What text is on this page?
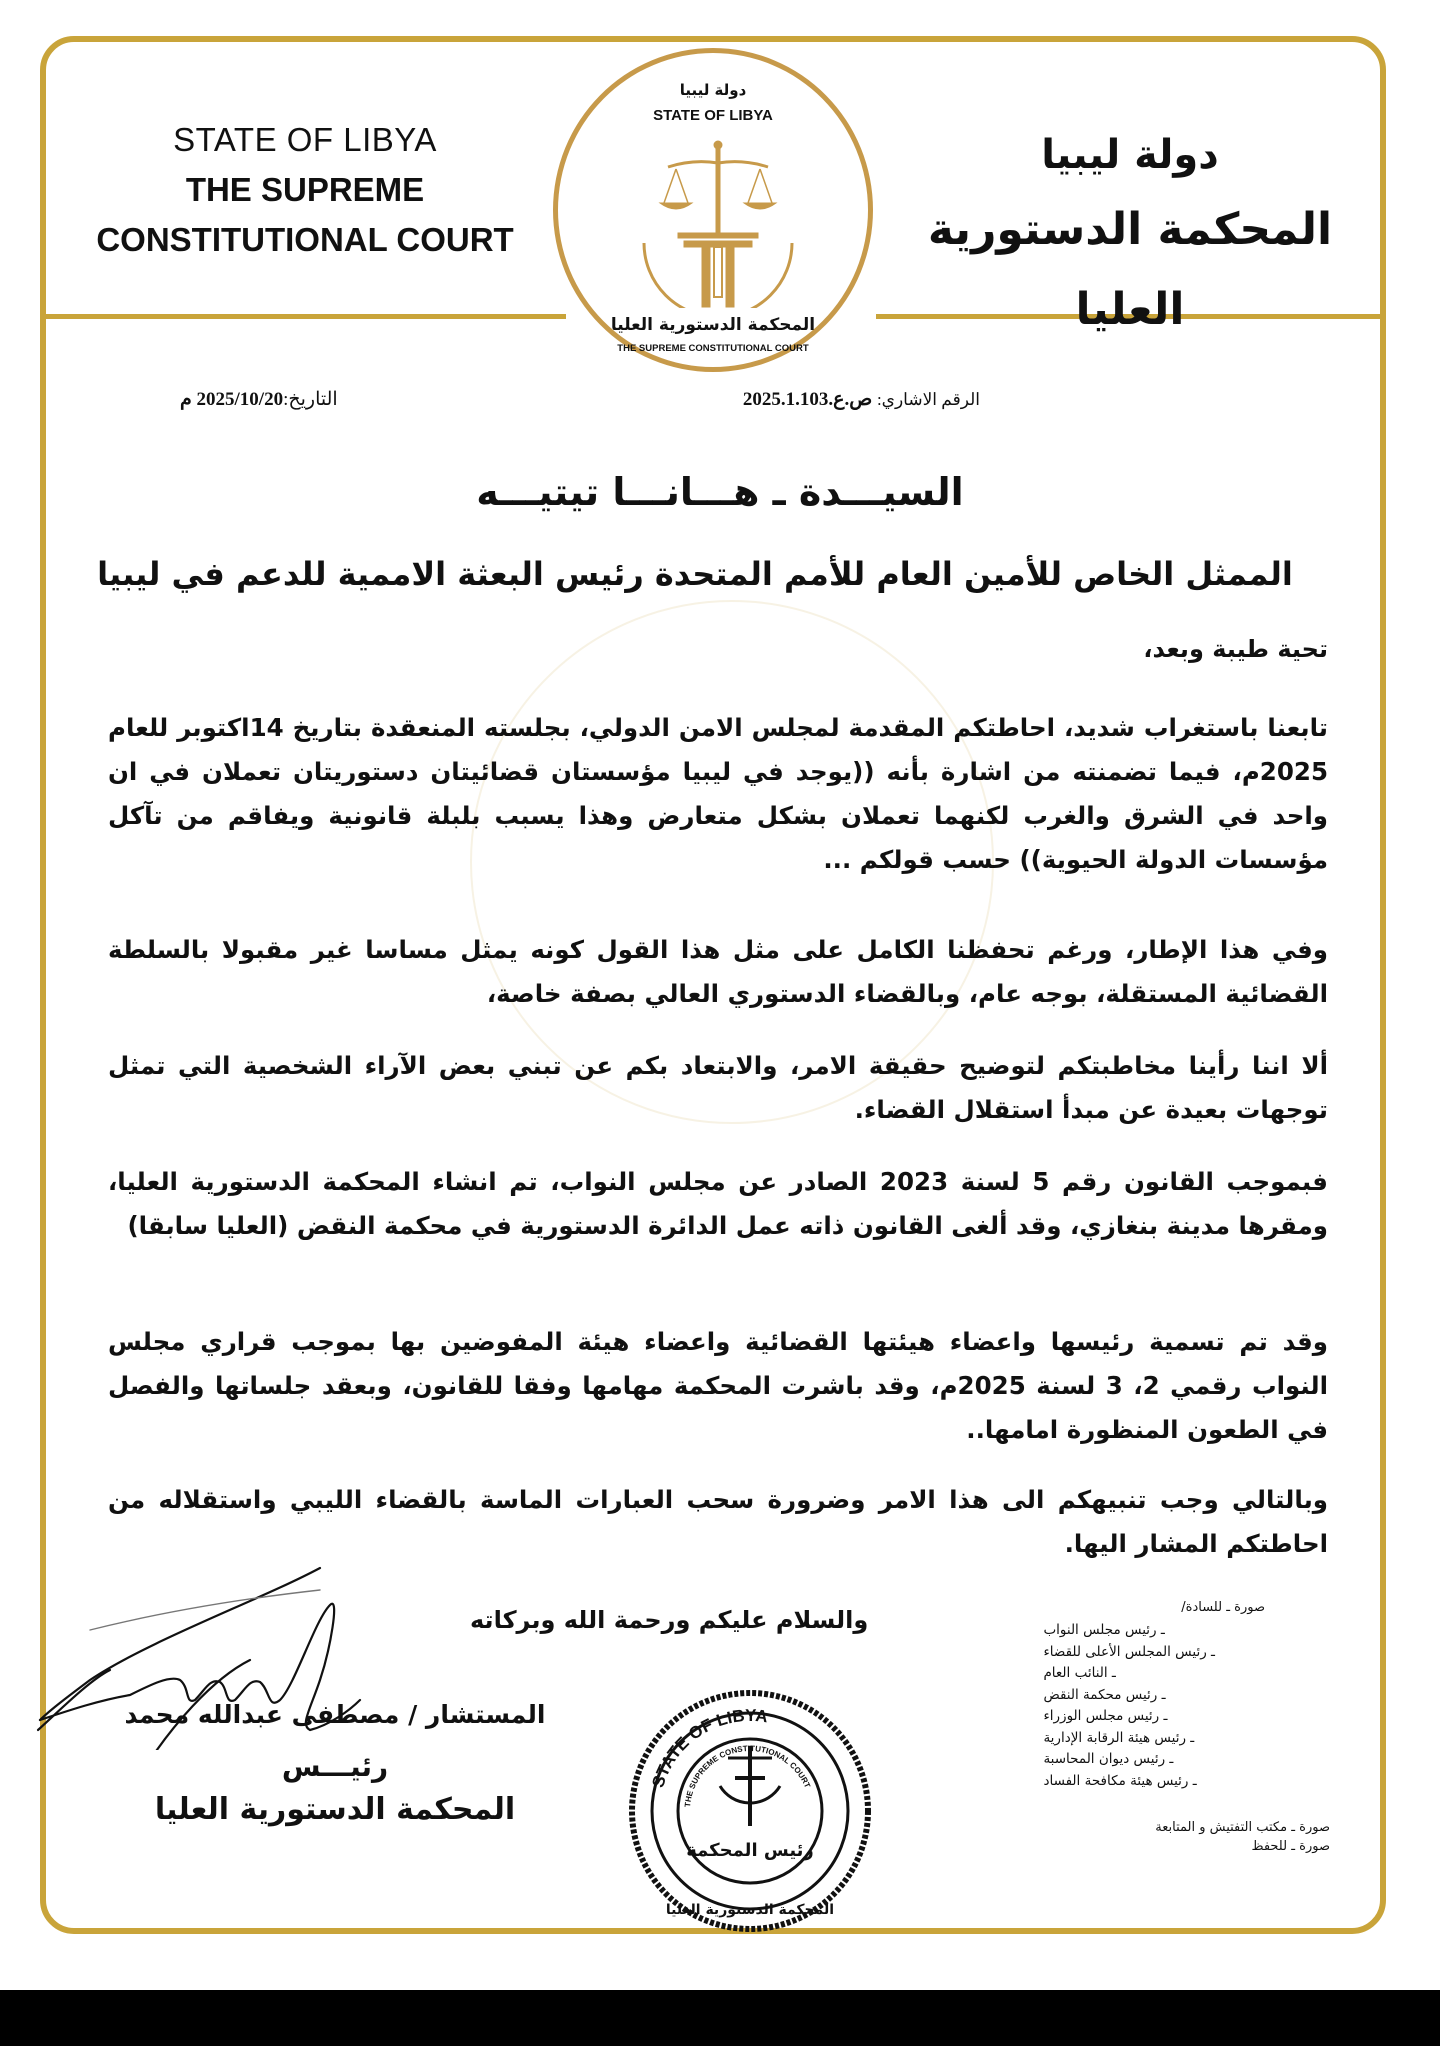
STATE OF LIBYA
THE SUPREME
CONSTITUTIONAL COURT
دولة ليبيا
المحكمة الدستورية العليا
دولة ليبيا
STATE OF LIBYA
المحكمة الدستورية العليا
THE SUPREME CONSTITUTIONAL COURT
الرقم الاشاري: ص.ع.2025.1.103
التاريخ:2025/10/20 م
السيـــدة ـ هـــانـــا تيتيـــه
الممثل الخاص للأمين العام للأمم المتحدة رئيس البعثة الاممية للدعم في ليبيا
تحية طيبة وبعد،
تابعنا باستغراب شديد، احاطتكم المقدمة لمجلس الامن الدولي، بجلسته المنعقدة بتاريخ 14اكتوبر للعام 2025م، فيما تضمنته من اشارة بأنه ((يوجد في ليبيا مؤسستان قضائيتان دستوريتان تعملان في ان واحد في الشرق والغرب لكنهما تعملان بشكل متعارض وهذا يسبب بلبلة قانونية ويفاقم من تآكل مؤسسات الدولة الحيوية)) حسب قولكم ...
وفي هذا الإطار، ورغم تحفظنا الكامل على مثل هذا القول كونه يمثل مساسا غير مقبولا بالسلطة القضائية المستقلة، بوجه عام، وبالقضاء الدستوري العالي بصفة خاصة،
ألا اننا رأينا مخاطبتكم لتوضيح حقيقة الامر، والابتعاد بكم عن تبني بعض الآراء الشخصية التي تمثل توجهات بعيدة عن مبدأ استقلال القضاء.
فبموجب القانون رقم 5 لسنة 2023 الصادر عن مجلس النواب، تم انشاء المحكمة الدستورية العليا، ومقرها مدينة بنغازي، وقد ألغى القانون ذاته عمل الدائرة الدستورية في محكمة النقض (العليا سابقا)
وقد تم تسمية رئيسها واعضاء هيئتها القضائية واعضاء هيئة المفوضين بها بموجب قراري مجلس النواب رقمي 2، 3 لسنة 2025م، وقد باشرت المحكمة مهامها وفقا للقانون، وبعقد جلساتها والفصل في الطعون المنظورة امامها..
وبالتالي وجب تنبيهكم الى هذا الامر وضرورة سحب العبارات الماسة بالقضاء الليبي واستقلاله من احاطتكم المشار اليها.
والسلام عليكم ورحمة الله وبركاته
المستشار / مصطفى عبدالله محمد
رئيـــس
المحكمة الدستورية العليا
STATE OF LIBYA
THE SUPREME CONSTITUTIONAL COURT
رئيس المحكمة
المحكمة الدستورية العليا
صورة ـ للسادة/
ـ رئيس مجلس النواب
ـ رئيس المجلس الأعلى للقضاء
ـ النائب العام
ـ رئيس محكمة النقض
ـ رئيس مجلس الوزراء
ـ رئيس هيئة الرقابة الإدارية
ـ رئيس ديوان المحاسبة
ـ رئيس هيئة مكافحة الفساد
صورة ـ مكتب التفتيش و المتابعة
صورة ـ للحفظ
